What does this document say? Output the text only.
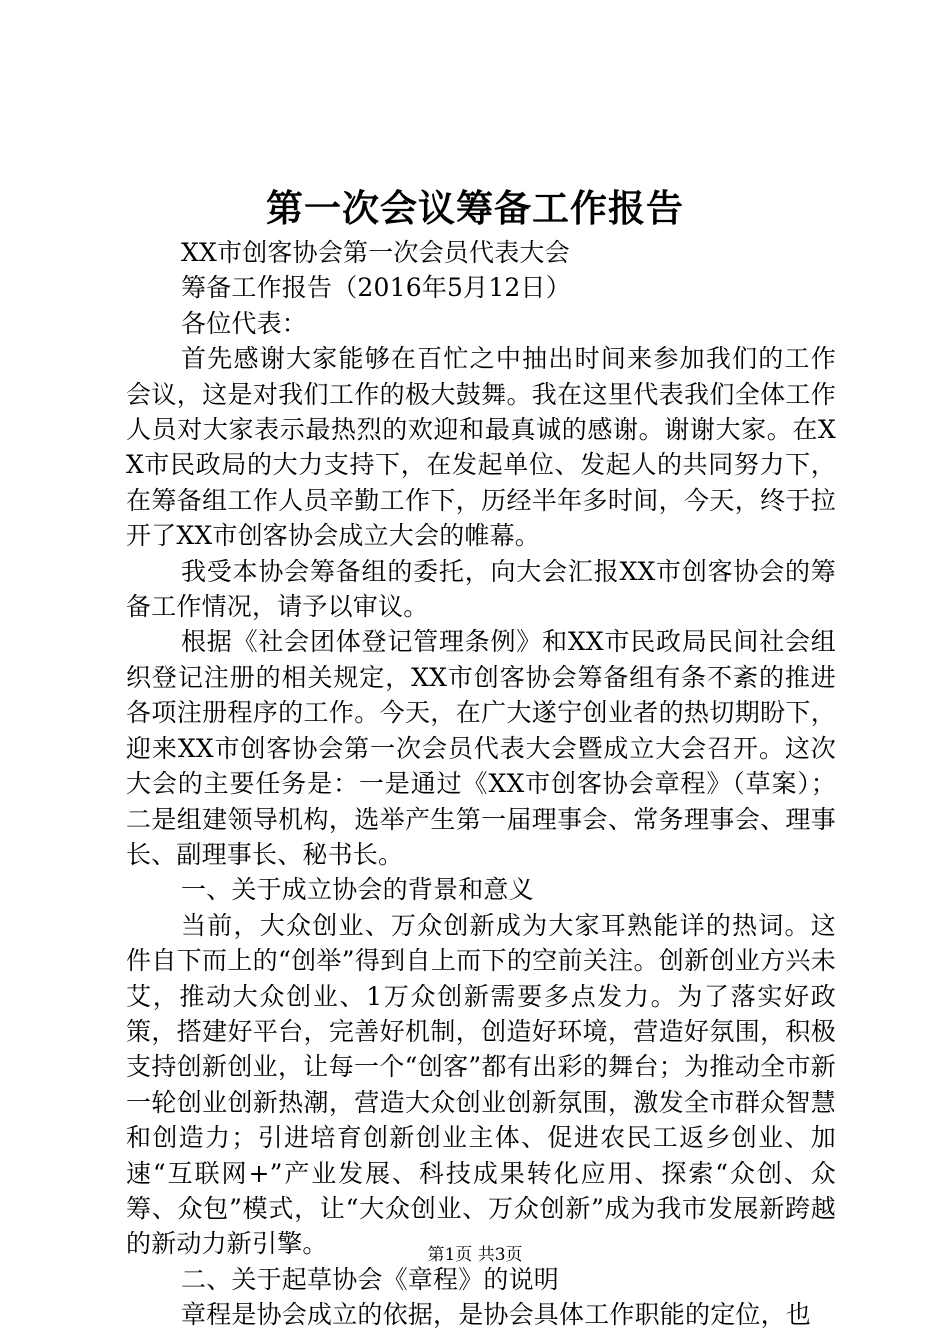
第一次会议筹备工作报告

XX市创客协会第一次会员代表大会

筹备工作报告（2016年5月12日）

各位代表：

首先感谢大家能够在百忙之中抽出时间来参加我们的工作会议，这是对我们工作的极大鼓舞。我在这里代表我们全体工作人员对大家表示最热烈的欢迎和最真诚的感谢。谢谢大家。在XX市民政局的大力支持下，在发起单位、发起人的共同努力下，在筹备组工作人员辛勤工作下，历经半年多时间，今天，终于拉开了XX市创客协会成立大会的帷幕。

我受本协会筹备组的委托，向大会汇报XX市创客协会的筹备工作情况，请予以审议。

根据《社会团体登记管理条例》和XX市民政局民间社会组织登记注册的相关规定，XX市创客协会筹备组有条不紊的推进各项注册程序的工作。今天，在广大遂宁创业者的热切期盼下，迎来XX市创客协会第一次会员代表大会暨成立大会召开。这次大会的主要任务是：一是通过《XX市创客协会章程》（草案）；二是组建领导机构，选举产生第一届理事会、常务理事会、理事长、副理事长、秘书长。

一、关于成立协会的背景和意义

当前，大众创业、万众创新成为大家耳熟能详的热词。这件自下而上的“创举”得到自上而下的空前关注。创新创业方兴未艾，推动大众创业、1万众创新需要多点发力。为了落实好政策，搭建好平台，完善好机制，创造好环境，营造好氛围，积极支持创新创业，让每一个“创客”都有出彩的舞台；为推动全市新一轮创业创新热潮，营造大众创业创新氛围，激发全市群众智慧和创造力；引进培育创新创业主体、促进农民工返乡创业、加速“互联网+”产业发展、科技成果转化应用、探索“众创、众筹、众包”模式，让“大众创业、万众创新”成为我市发展新跨越的新动力新引擎。

二、关于起草协会《章程》的说明

章程是协会成立的依据，是协会具体工作职能的定位，也

第1页 共3页
